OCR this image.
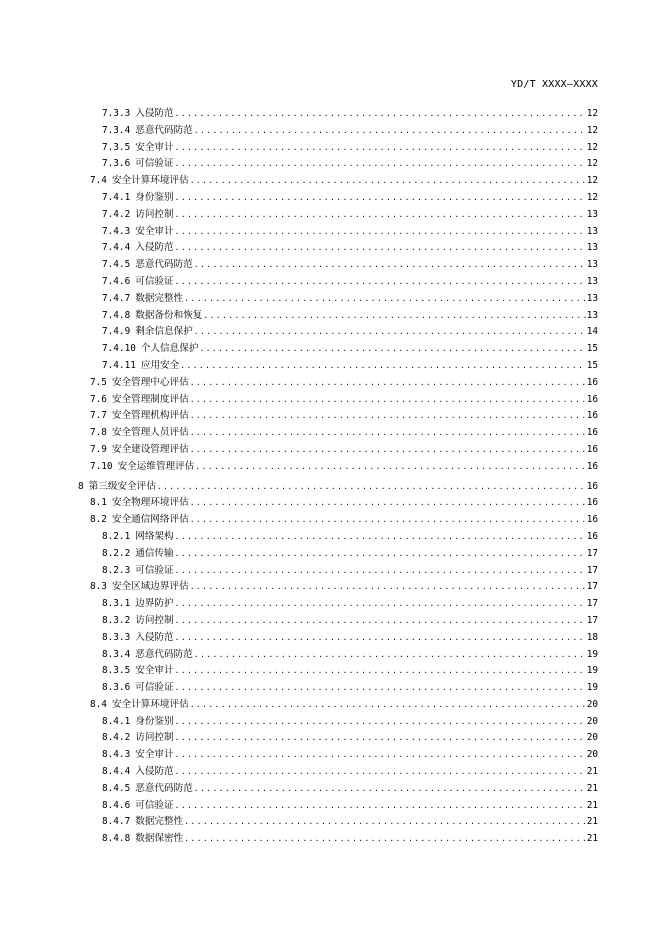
YD/T XXXX—XXXX
7.3.3 入侵防范 .....	12
7.3.4 恶意代码防范 .....	12
7.3.5 安全审计 .....	12
7.3.6 可信验证 .....	12
7.4 安全计算环境评估 .....	12
7.4.1 身份鉴别 .....	12
7.4.2 访问控制 .....	13
7.4.3 安全审计 .....	13
7.4.4 入侵防范 .....	13
7.4.5 恶意代码防范 .....	13
7.4.6 可信验证 .....	13
7.4.7 数据完整性 .....	13
7.4.8 数据备份和恢复 .....	13
7.4.9 剩余信息保护 .....	14
7.4.10 个人信息保护 .....	15
7.4.11 应用安全 .....	15
7.5 安全管理中心评估 .....	16
7.6 安全管理制度评估 .....	16
7.7 安全管理机构评估 .....	16
7.8 安全管理人员评估 .....	16
7.9 安全建设管理评估 .....	16
7.10 安全运维管理评估 .....	16
8 第三级安全评估 .....	16
8.1 安全物理环境评估 .....	16
8.2 安全通信网络评估 .....	16
8.2.1 网络架构 .....	16
8.2.2 通信传输 .....	17
8.2.3 可信验证 .....	17
8.3 安全区域边界评估 .....	17
8.3.1 边界防护 .....	17
8.3.2 访问控制 .....	17
8.3.3 入侵防范 .....	18
8.3.4 恶意代码防范 .....	19
8.3.5 安全审计 .....	19
8.3.6 可信验证 .....	19
8.4 安全计算环境评估 .....	20
8.4.1 身份鉴别 .....	20
8.4.2 访问控制 .....	20
8.4.3 安全审计 .....	20
8.4.4 入侵防范 .....	21
8.4.5 恶意代码防范 .....	21
8.4.6 可信验证 .....	21
8.4.7 数据完整性 .....	21
8.4.8 数据保密性 .....	21
